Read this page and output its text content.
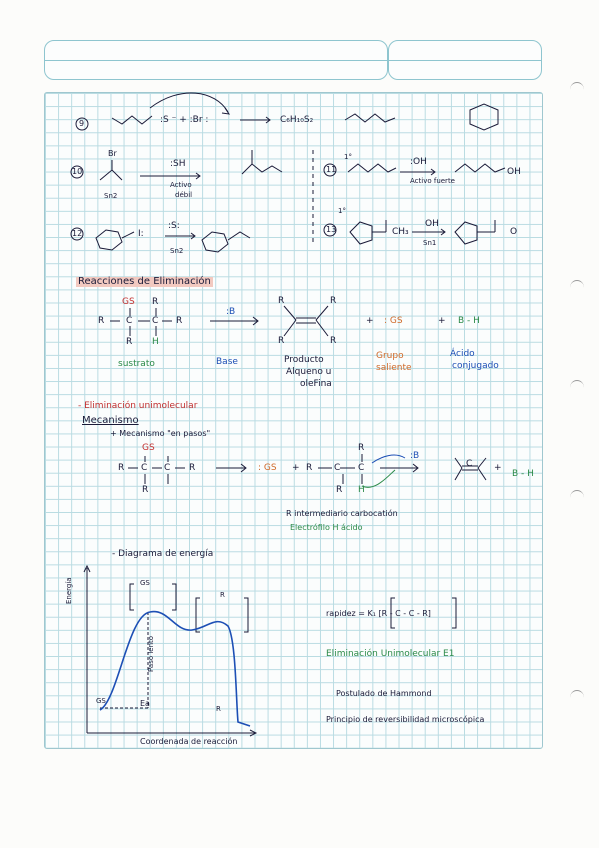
9	:S ⁻ + :Br :	C₆H₁₀S₂
10
Br
:SH
Activo
débil
Sn2
11
1°	:OH
Activo fuerte
OH
12	I:
:S:
Sn2
13
1°
CH₃
OH
Sn1
O
Reacciones de Eliminación
GS R
R C C R
R H
sustrato
:B
Base
R	R
R	R
Producto
Alqueno u
oleFina
+ : GS
Grupo
saliente
+ B - H
Ácido
conjugado
- Eliminación unimolecular
Mecanismo
+ Mecanismo "en pasos"
GS
R C C R
R
: GS + R C C
R
R H
:B
C +
B - H
R intermediario carbocatión
Electrófilo H ácido
- Diagrama de energía
Energía
Coordenada de reacción
Ea
Paso lento
GS
R
GS
R
rapidez = K₁ [R - C - C - R]
Eliminación Unimolecular E1
Postulado de Hammond
Principio de reversibilidad microscópica
